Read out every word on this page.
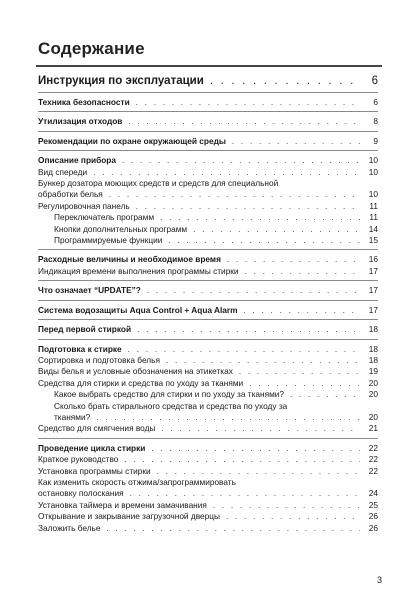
Содержание
Инструкция по эксплуатации . . .	6
Техника безопасности . . .	6
Утилизация отходов . . .	8
Рекомендации по охране окружающей среды . . .	9
Описание прибора . . .	10
Вид спереди . . .	10
Бункер дозатора моющих средств и средств для специальной
обработки белья . . .	10
Регулировочная панель . . .	11
Переключатель программ . . .	11
Кнопки дополнительных программ . . .	14
Программируемые функции . . .	15
Расходные величины и необходимое время . . .	16
Индикация времени выполнения программы стирки . . .	17
Что означает “UPDATE”? . . .	17
Система водозащиты Aqua Control + Aqua Alarm . . .	17
Перед первой стиркой . . .	18
Подготовка к стирке . . .	18
Сортировка и подготовка белья . . .	18
Виды белья и условные обозначения на этикетках . . .	19
Средства для стирки и средства по уходу за тканями . . .	20
Какое выбрать средство для стирки и по уходу за тканями? . . .	20
Сколько брать стирального средства и средства по уходу за
тканями? . . .	20
Средство для смягчения воды . . .	21
Проведение цикла стирки . . .	22
Краткое руководство . . .	22
Установка программы стирки . . .	22
Как изменить скорость отжима/запрограммировать
остановку полоскания . . .	24
Установка таймера и времени замачивания . . .	25
Открывание и закрывание загрузочной дверцы . . .	26
Заложить белье . . .	26
3
